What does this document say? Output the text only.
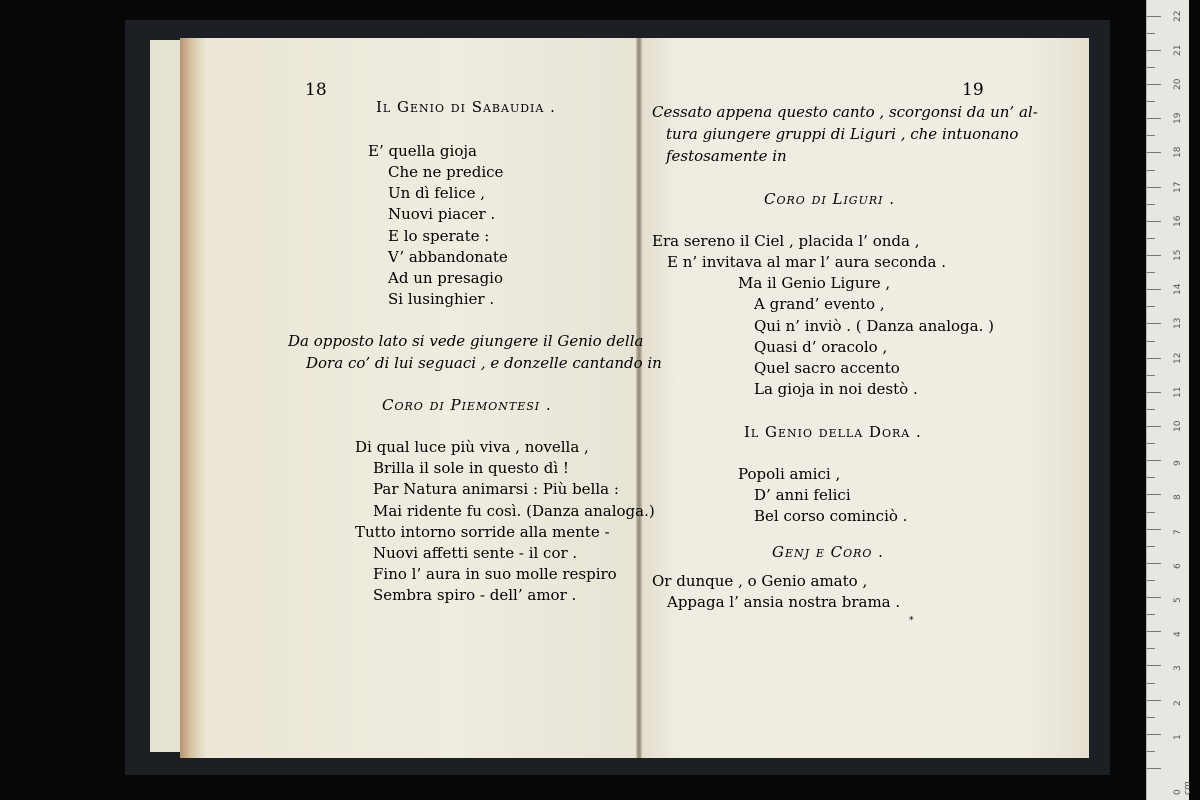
18
Il Genio di Sabaudia .
E’ quella gioja
Che ne predice
Un dì felice ,
Nuovi piacer .
E lo sperate :
V’ abbandonate
Ad un presagio
Si lusinghier .
Da opposto lato si vede giungere il Genio della
Dora co’ di lui seguaci , e donzelle cantando in
Coro di Piemontesi .
Di qual luce più viva , novella ,
Brilla il sole in questo dì !
Par Natura animarsi : Più bella :
Mai ridente fu così. (Danza analoga.)
Tutto intorno sorride alla mente -
Nuovi affetti sente - il cor .
Fino l’ aura in suo molle respiro
Sembra spiro - dell’ amor .
19
Cessato appena questo canto , scorgonsi da un’ al-
tura giungere gruppi di Liguri , che intuonano
festosamente in
Coro di Liguri .
Era sereno il Ciel , placida l’ onda ,
E n’ invitava al mar l’ aura seconda .
Ma il Genio Ligure ,
A grand’ evento ,
Qui n’ inviò . ( Danza analoga. )
Quasi d’ oracolo ,
Quel sacro accento
La gioja in noi destò .
Il Genio della Dora .
Popoli amici ,
D’ anni felici
Bel corso cominciò .
Genj e Coro .
Or dunque , o Genio amato ,
Appaga l’ ansia nostra brama .
*
0 cm
1
2
3
4
5
6
7
8
9
10
11
12
13
14
15
16
17
18
19
20
21
22
